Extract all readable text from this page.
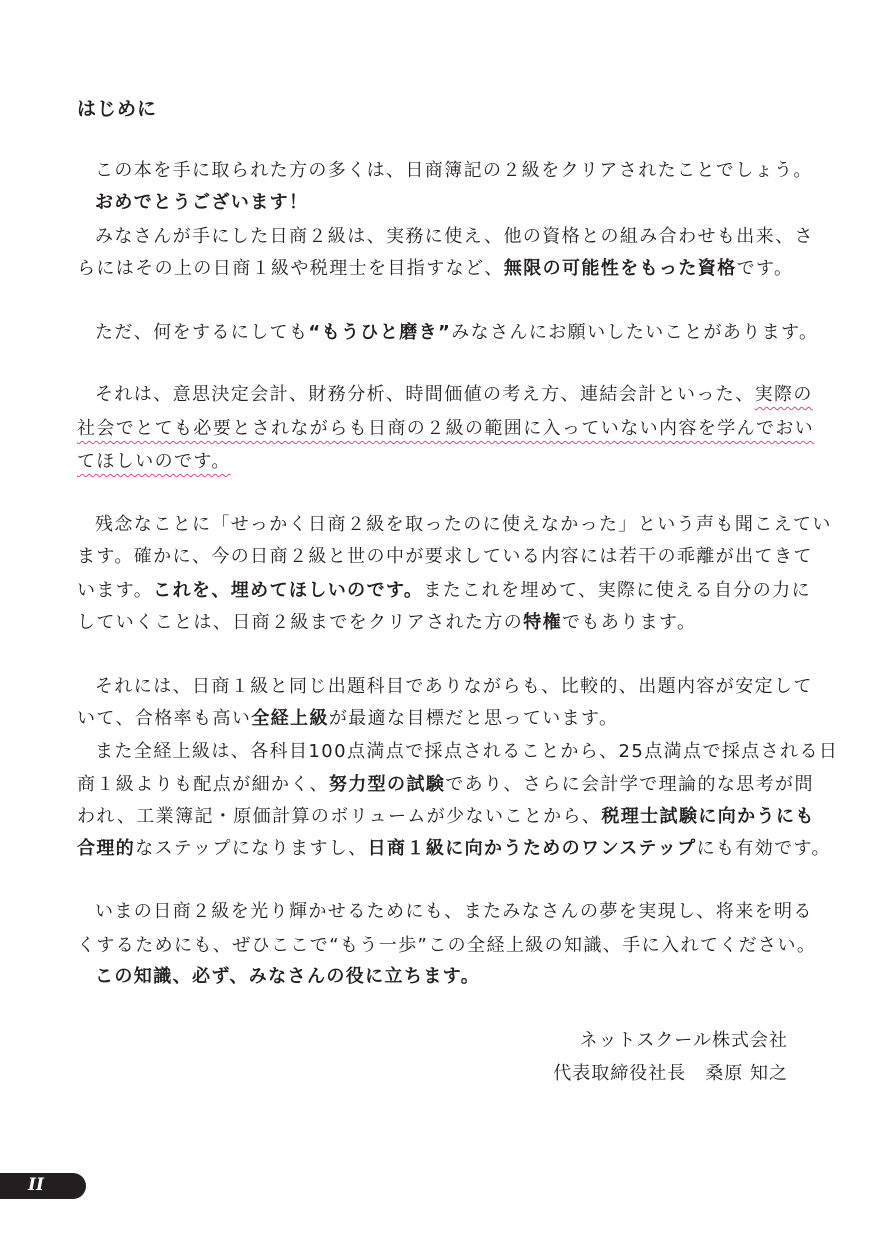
はじめに
この本を手に取られた方の多くは、日商簿記の２級をクリアされたことでしょう。
おめでとうございます！
みなさんが手にした日商２級は、実務に使え、他の資格との組み合わせも出来、さ
らにはその上の日商１級や税理士を目指すなど、無限の可能性をもった資格です。
ただ、何をするにしても“もうひと磨き”みなさんにお願いしたいことがあります。
それは、意思決定会計、財務分析、時間価値の考え方、連結会計といった、実際の
社会でとても必要とされながらも日商の２級の範囲に入っていない内容を学んでおい
てほしいのです。
残念なことに「せっかく日商２級を取ったのに使えなかった」という声も聞こえてい
ます。確かに、今の日商２級と世の中が要求している内容には若干の乖離が出てきて
います。これを、埋めてほしいのです。またこれを埋めて、実際に使える自分の力に
していくことは、日商２級までをクリアされた方の特権でもあります。
それには、日商１級と同じ出題科目でありながらも、比較的、出題内容が安定して
いて、合格率も高い全経上級が最適な目標だと思っています。
また全経上級は、各科目100点満点で採点されることから、25点満点で採点される日
商１級よりも配点が細かく、努力型の試験であり、さらに会計学で理論的な思考が問
われ、工業簿記・原価計算のボリュームが少ないことから、税理士試験に向かうにも
合理的なステップになりますし、日商１級に向かうためのワンステップにも有効です。
いまの日商２級を光り輝かせるためにも、またみなさんの夢を実現し、将来を明る
くするためにも、ぜひここで“もう一歩”この全経上級の知識、手に入れてください。
この知識、必ず、みなさんの役に立ちます。
ネットスクール株式会社
代表取締役社長　桑原 知之
II
